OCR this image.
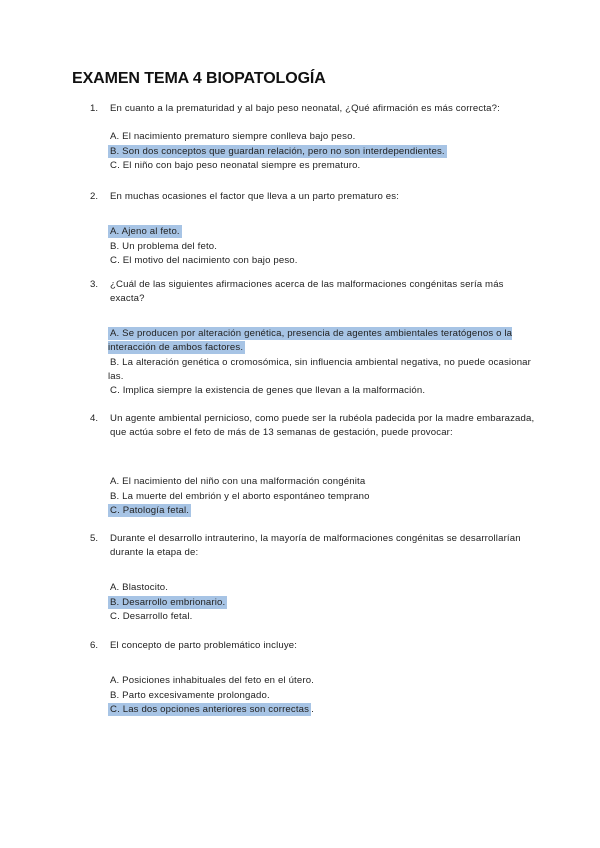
EXAMEN TEMA 4 BIOPATOLOGÍA
1.	En cuanto a la prematuridad y al bajo peso neonatal, ¿Qué afirmación es más correcta?:
A. El nacimiento prematuro siempre conlleva bajo peso.
B. Son dos conceptos que guardan relación, pero no son interdependientes.
C. El niño con bajo peso neonatal siempre es prematuro.
2.	En muchas ocasiones el factor que lleva a un parto prematuro es:
A. Ajeno al feto.
B. Un problema del feto.
C. El motivo del nacimiento con bajo peso.
3.	¿Cuál de las siguientes afirmaciones acerca de las malformaciones congénitas sería más exacta?
A. Se producen por alteración genética, presencia de agentes ambientales teratógenos o la interacción de ambos factores.
B. La alteración genética o cromosómica, sin influencia ambiental negativa, no puede ocasionar las.
C. Implica siempre la existencia de genes que llevan a la malformación.
4.	Un agente ambiental pernicioso, como puede ser la rubéola padecida por la madre embarazada, que actúa sobre el feto de más de 13 semanas de gestación, puede provocar:
A. El nacimiento del niño con una malformación congénita
B. La muerte del embrión y el aborto espontáneo temprano
C. Patología fetal.
5.	Durante el desarrollo intrauterino, la mayoría de malformaciones congénitas se desarrollarían durante la etapa de:
A. Blastocito.
B. Desarrollo embrionario.
C. Desarrollo fetal.
6.	El concepto de parto problemático incluye:
A. Posiciones inhabituales del feto en el útero.
B. Parto excesivamente prolongado.
C. Las dos opciones anteriores son correctas .
